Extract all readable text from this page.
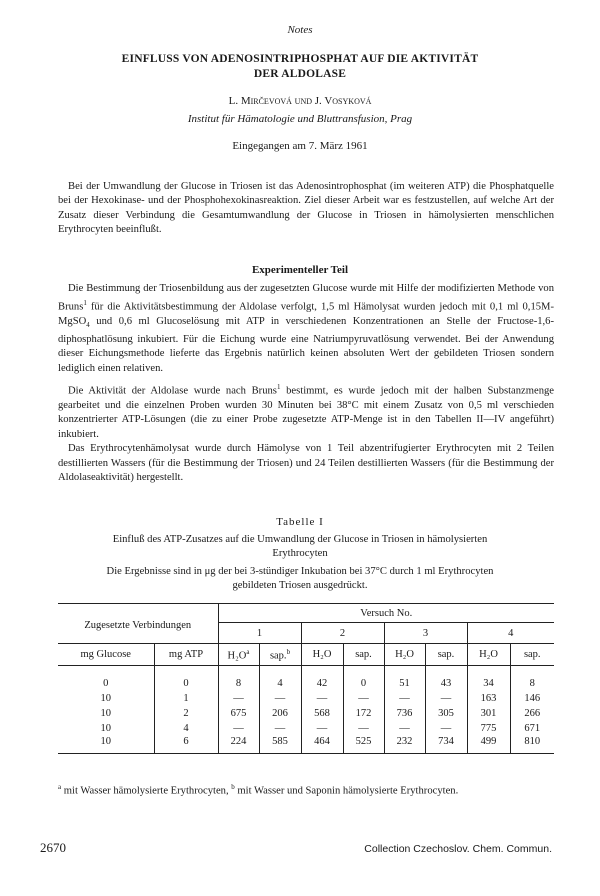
Notes
EINFLUSS VON ADENOSINTRIPHOSPHAT AUF DIE AKTIVITÄT
DER ALDOLASE
L. Mirčevová und J. Vosyková
Institut für Hämatologie und Bluttransfusion, Prag
Eingegangen am 7. März 1961

Bei der Umwandlung der Glucose in Triosen ist das Adenosintrophosphat (im weiteren ATP) die Phosphatquelle bei der Hexokinase- und der Phosphohexokinasreaktion. Ziel dieser Arbeit war es festzustellen, auf welche Art der Zusatz dieser Verbindung die Gesamtumwandlung der Glucose in Triosen in hämolysierten menschlichen Erythrocyten beeinflußt.

Experimenteller Teil

Die Bestimmung der Triosenbildung aus der zugesetzten Glucose wurde mit Hilfe der modifizierten Methode von Bruns$^1$ für die Aktivitätsbestimmung der Aldolase verfolgt, 1,5 ml Hämolysat wurden jedoch mit 0,1 ml 0,15M-MgSO$_4$ und 0,6 ml Glucoselösung mit ATP in verschiedenen Konzentrationen an Stelle der Fructose-1,6-diphosphatlösung inkubiert. Für die Eichung wurde eine Natriumpyruvatlösung verwendet. Bei der Anwendung dieser Eichungsmethode lieferte das Ergebnis natürlich keinen absoluten Wert der gebildeten Triosen sondern lediglich einen relativen.

Die Aktivität der Aldolase wurde nach Bruns$^1$ bestimmt, es wurde jedoch mit der halben Substanzmenge gearbeitet und die einzelnen Proben wurden 30 Minuten bei 38°C mit einem Zusatz von 0,5 ml verschieden konzentrierter ATP-Lösungen (die zu einer Probe zugesetzte ATP-Menge ist in den Tabellen II—IV angeführt) inkubiert.

Das Erythrocytenhämolysat wurde durch Hämolyse von 1 Teil abzentrifugierter Erythrocyten mit 2 Teilen destillierten Wassers (für die Bestimmung der Triosen) und 24 Teilen destillierten Wassers (für die Bestimmung der Aldolaseaktivität) hergestellt.

Tabelle I
Einfluß des ATP-Zusatzes auf die Umwandlung der Glucose in Triosen in hämolysierten Erythrocyten
Die Ergebnisse sind in μg der bei 3-stündiger Inkubation bei 37°C durch 1 ml Erythrocyten gebildeten Triosen ausgedrückt.
Zugesetzte Verbindungen		Versuch No.							
		1		2		3		4	
mg Glucose	mg ATP	$H_2O^a$	sap.$^b$	H₂O	sap.	H₂O	sap.	H₂O	sap.

0	0	8	4	42	0	51	43	34	8
10	1	—	—	—	—	—	—	163	146
10	2	675	206	568	172	736	305	301	266
10	4	—	—	—	—	—	—	775	671
10	6	224	585	464	525	232	734	499	810
$^a$ mit Wasser hämolysierte Erythrocyten, $^b$ mit Wasser und Saponin hämolysierte Erythrocyten.
2670	Collection Czechoslov. Chem. Commun.
